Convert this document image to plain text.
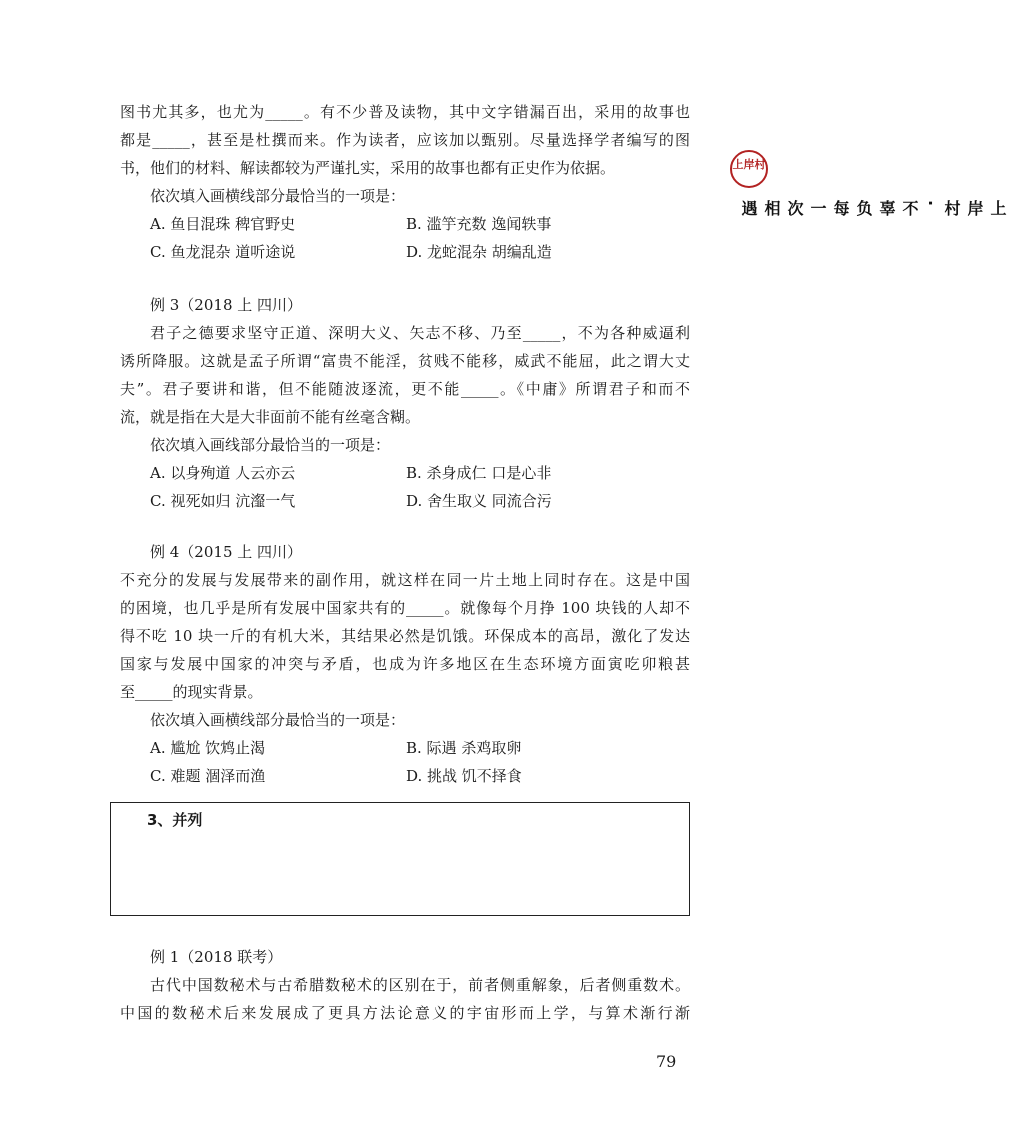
图书尤其多，也尤为_____。有不少普及读物，其中文字错漏百出，采用的故事也
都是_____，甚至是杜撰而来。作为读者，应该加以甄别。尽量选择学者编写的图
书，他们的材料、解读都较为严谨扎实，采用的故事也都有正史作为依据。
依次填入画横线部分最恰当的一项是：
A. 鱼目混珠 稗官野史	B. 滥竽充数 逸闻轶事
C. 鱼龙混杂 道听途说	D. 龙蛇混杂 胡编乱造
例 3（2018 上 四川）
君子之德要求坚守正道、深明大义、矢志不移、乃至_____，不为各种威逼利
诱所降服。这就是孟子所谓“富贵不能淫，贫贱不能移，威武不能屈，此之谓大丈
夫”。君子要讲和谐，但不能随波逐流，更不能_____。《中庸》所谓君子和而不
流，就是指在大是大非面前不能有丝毫含糊。
依次填入画线部分最恰当的一项是：
A. 以身殉道 人云亦云	B. 杀身成仁 口是心非
C. 视死如归 沆瀣一气	D. 舍生取义 同流合污
例 4（2015 上 四川）
不充分的发展与发展带来的副作用，就这样在同一片土地上同时存在。这是中国
的困境，也几乎是所有发展中国家共有的_____。就像每个月挣 100 块钱的人却不
得不吃 10 块一斤的有机大米，其结果必然是饥饿。环保成本的高昂，激化了发达
国家与发展中国家的冲突与矛盾，也成为许多地区在生态环境方面寅吃卯粮甚
至_____的现实背景。
依次填入画横线部分最恰当的一项是：
A. 尴尬 饮鸩止渴	B. 际遇 杀鸡取卵
C. 难题 涸泽而渔	D. 挑战 饥不择食
例 1（2018 联考）
古代中国数秘术与古希腊数秘术的区别在于，前者侧重解象，后者侧重数术。
中国的数秘术后来发展成了更具方法论意义的宇宙形而上学，与算术渐行渐
3、并列
79
上岸村
上岸村·不辜负每一次相遇
